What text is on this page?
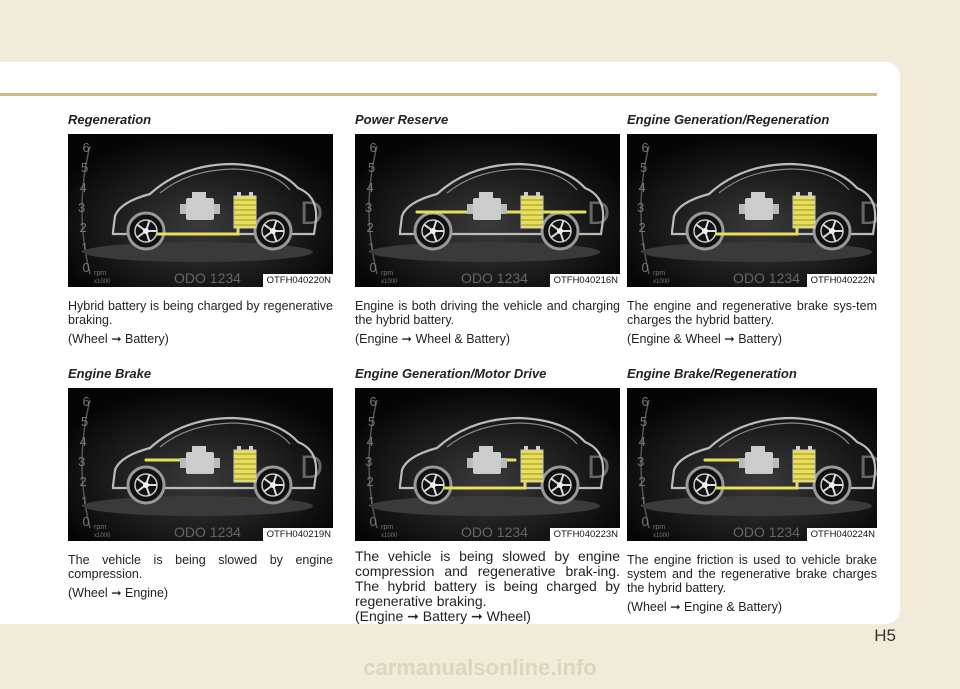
Regeneration
6
5
4
3
2
1
0 rpm
x1000	ODO 1234
D
OTFH040220N
Hybrid battery is being charged by regenerative braking.
(Wheel ➞ Battery)
Engine Brake
6
5
4
3
2
1
0 rpm
x1000	ODO 1234
D
OTFH040219N
The vehicle is being slowed by engine compression.
(Wheel ➞ Engine)
Power Reserve
6
5
4
3
2
1
0 rpm
x1000	ODO 1234
D
OTFH040216N
Engine is both driving the vehicle and charging the hybrid battery.
(Engine ➞ Wheel & Battery)
Engine Generation/Motor Drive
6
5
4
3
2
1
0 rpm
x1000	ODO 1234
D
OTFH040223N
The vehicle is being slowed by engine compression and regenerative brak-ing. The hybrid battery is being charged by regenerative braking.
(Engine ➞ Battery ➞ Wheel)
Engine Generation/Regeneration
6
5
4
3
2
1
0 rpm
x1000	ODO 1234
D
OTFH040222N
The engine and regenerative brake sys-tem charges the hybrid battery.
(Engine & Wheel ➞ Battery)
Engine Brake/Regeneration
6
5
4
3
2
1
0 rpm
x1000	ODO 1234
D
OTFH040224N
The engine friction is used to vehicle brake system and the regenerative brake charges the hybrid battery.
(Wheel ➞ Engine & Battery)
H5
carmanualsonline.info
